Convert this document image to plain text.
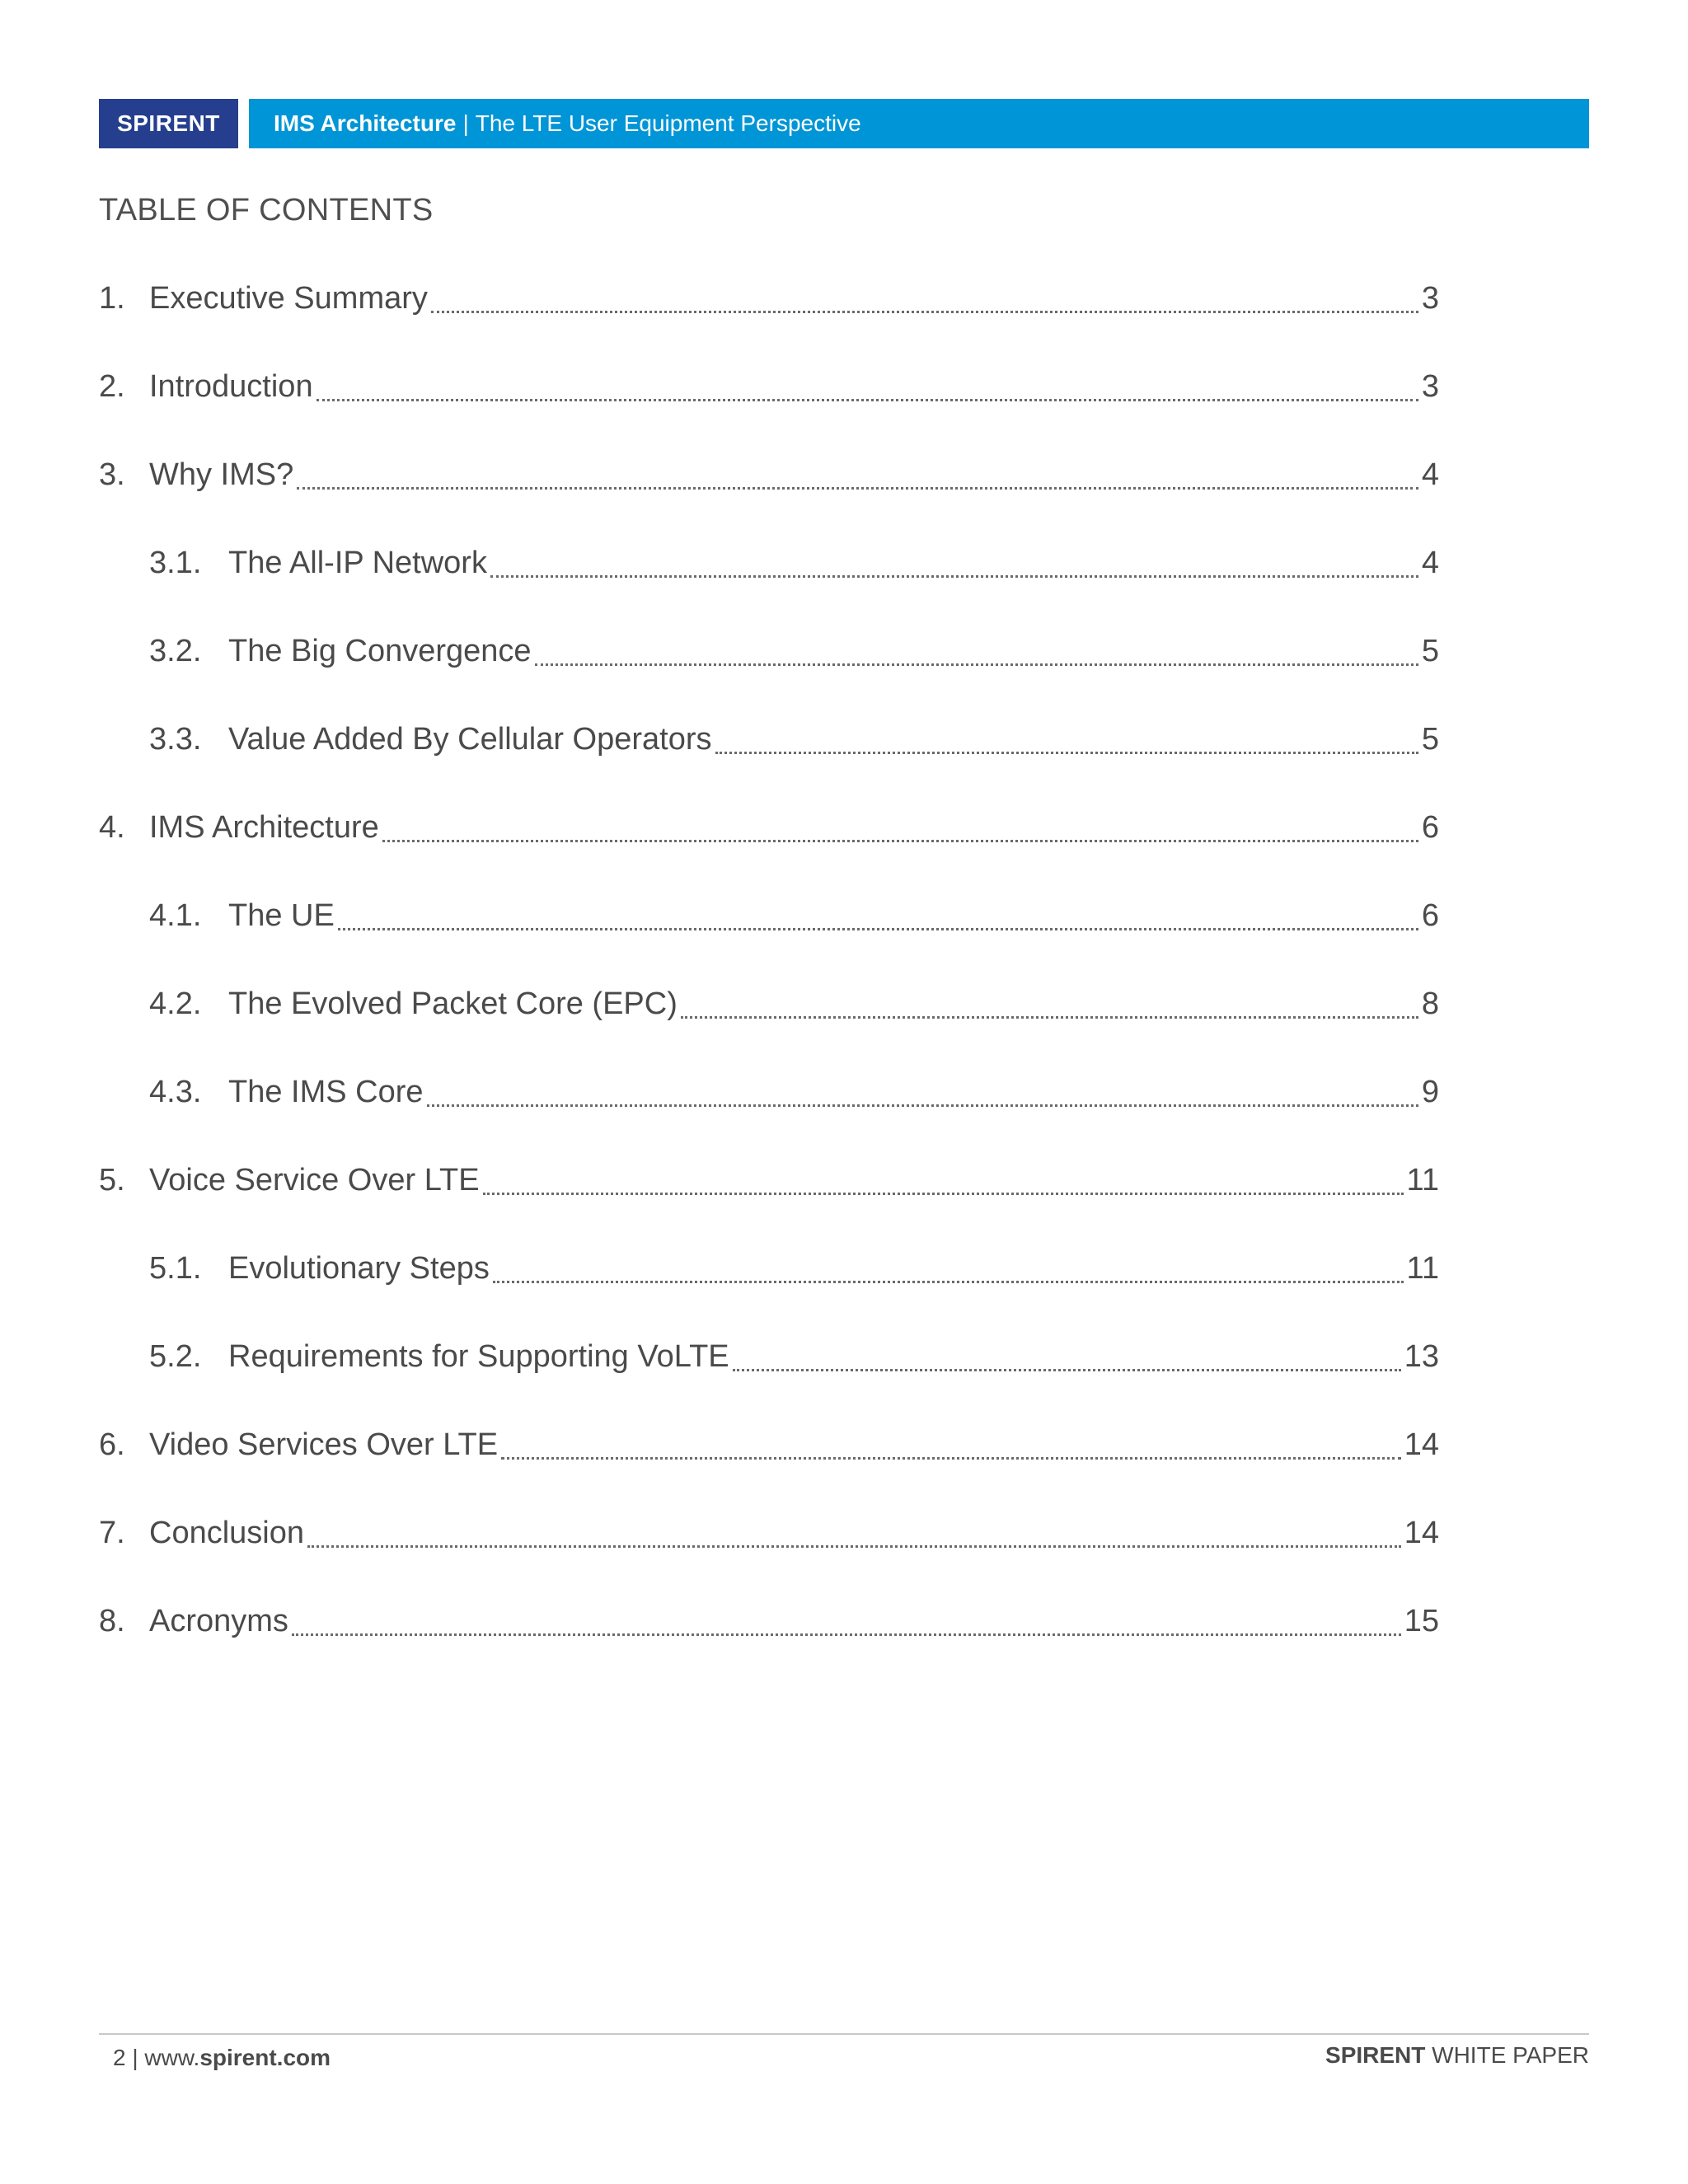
SPIRENT IMS Architecture | The LTE User Equipment Perspective
TABLE OF CONTENTS
1. Executive Summary	3
2. Introduction	3
3. Why IMS?	4
3.1. The All-IP Network	4
3.2. The Big Convergence	5
3.3. Value Added By Cellular Operators	5
4. IMS Architecture	6
4.1. The UE	6
4.2. The Evolved Packet Core (EPC)	8
4.3. The IMS Core	9
5. Voice Service Over LTE	11
5.1. Evolutionary Steps	11
5.2. Requirements for Supporting VoLTE	13
6. Video Services Over LTE	14
7. Conclusion	14
8. Acronyms	15
2 | www.spirent.com	SPIRENT WHITE PAPER
